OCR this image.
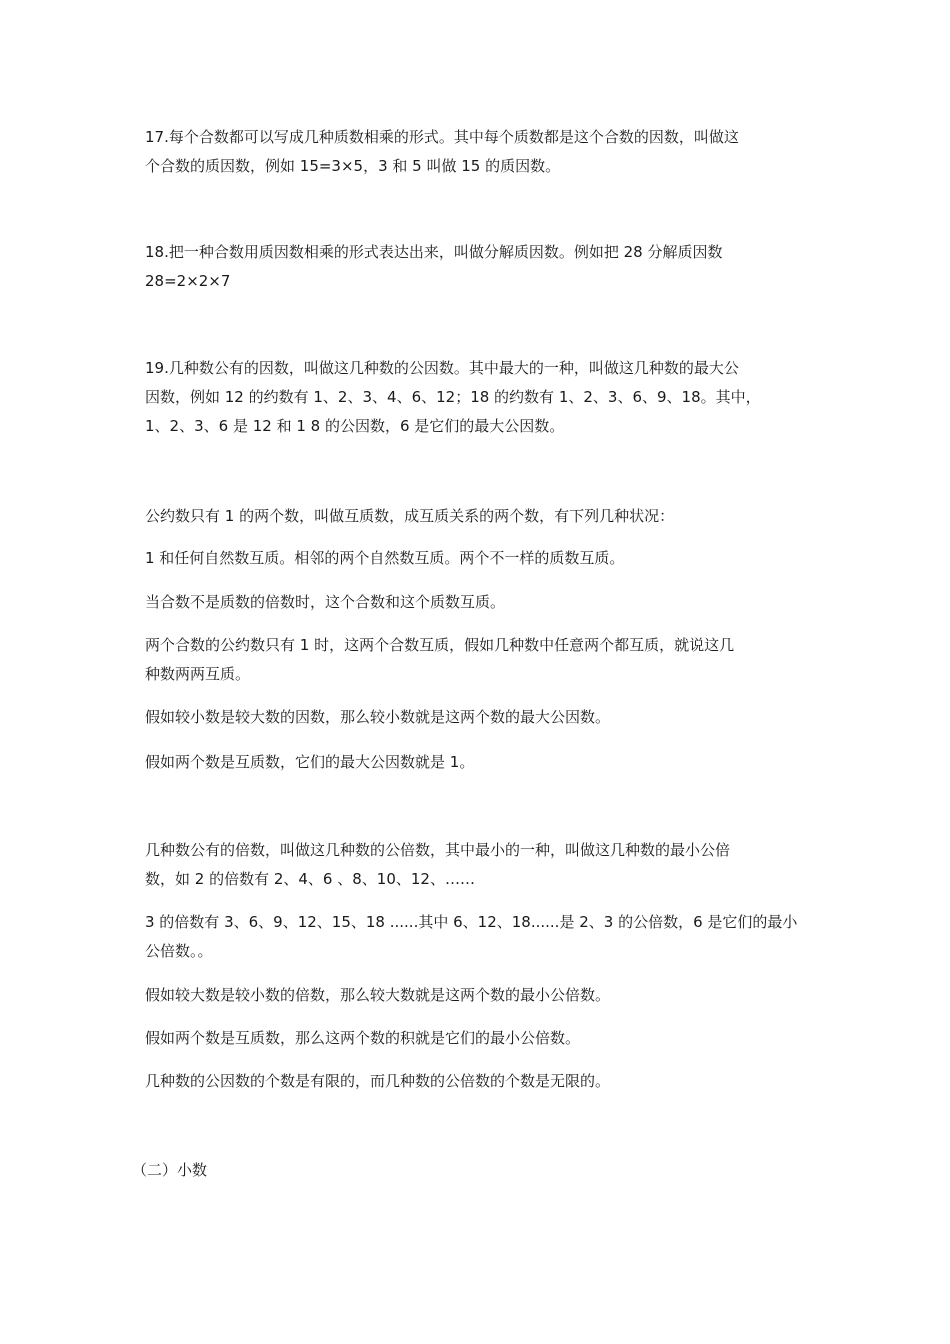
17.每个合数都可以写成几种质数相乘的形式。其中每个质数都是这个合数的因数，叫做这
个合数的质因数，例如 15=3×5，3 和 5 叫做 15 的质因数。
18.把一种合数用质因数相乘的形式表达出来，叫做分解质因数。例如把 28 分解质因数
28=2×2×7
19.几种数公有的因数，叫做这几种数的公因数。其中最大的一种，叫做这几种数的最大公
因数，例如 12 的约数有 1、2、3、4、6、12；18 的约数有 1、2、3、6、9、18。其中，
1、2、3、6 是 12 和 1 8 的公因数，6 是它们的最大公因数。
公约数只有 1 的两个数，叫做互质数，成互质关系的两个数，有下列几种状况：
1 和任何自然数互质。相邻的两个自然数互质。两个不一样的质数互质。
当合数不是质数的倍数时，这个合数和这个质数互质。
两个合数的公约数只有 1 时，这两个合数互质，假如几种数中任意两个都互质，就说这几
种数两两互质。
假如较小数是较大数的因数，那么较小数就是这两个数的最大公因数。
假如两个数是互质数，它们的最大公因数就是 1。
几种数公有的倍数，叫做这几种数的公倍数，其中最小的一种，叫做这几种数的最小公倍
数，如 2 的倍数有 2、4、6 、8、10、12、……
3 的倍数有 3、6、9、12、15、18 ......其中 6、12、18......是 2、3 的公倍数，6 是它们的最小
公倍数。。
假如较大数是较小数的倍数，那么较大数就是这两个数的最小公倍数。
假如两个数是互质数，那么这两个数的积就是它们的最小公倍数。
几种数的公因数的个数是有限的，而几种数的公倍数的个数是无限的。
（二）小数
